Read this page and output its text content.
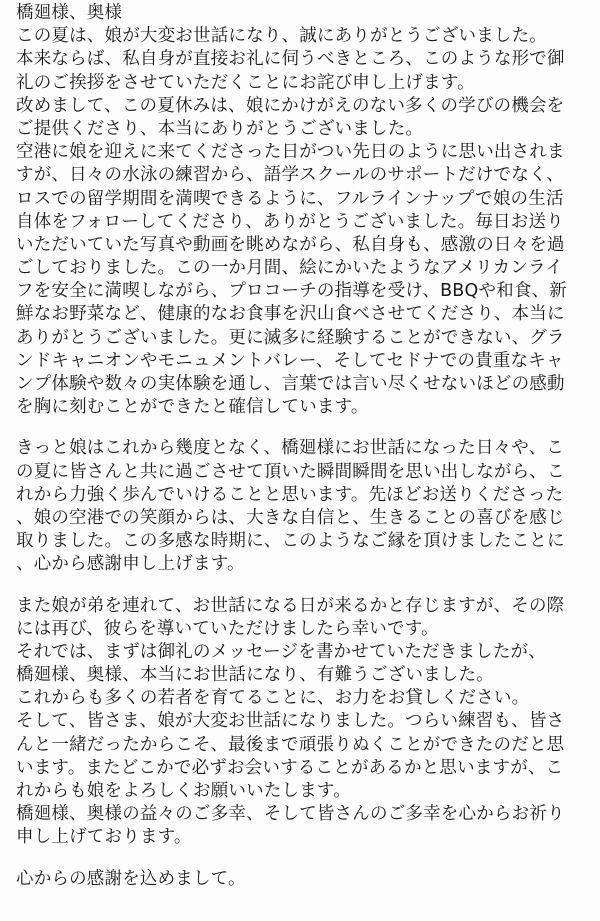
橋廻様、奥様
この夏は、娘が大変お世話になり、誠にありがとうございました。
本来ならば、私自身が直接お礼に伺うべきところ、このような形で御
礼のご挨拶をさせていただくことにお詫び申し上げます。
改めまして、この夏休みは、娘にかけがえのない多くの学びの機会を
ご提供くださり、本当にありがとうございました。
空港に娘を迎えに来てくださった日がつい先日のように思い出されま
すが、日々の水泳の練習から、語学スクールのサポートだけでなく、
ロスでの留学期間を満喫できるように、フルラインナップで娘の生活
自体をフォローしてくださり、ありがとうございました。毎日お送り
いただいていた写真や動画を眺めながら、私自身も、感激の日々を過
ごしておりました。この一か月間、絵にかいたようなアメリカンライ
フを安全に満喫しながら、プロコーチの指導を受け、BBQや和食、新
鮮なお野菜など、健康的なお食事を沢山食べさせてくださり、本当に
ありがとうございました。更に滅多に経験することができない、グラ
ンドキャニオンやモニュメントバレー、そしてセドナでの貴重なキャ
ンプ体験や数々の実体験を通し、言葉では言い尽くせないほどの感動
を胸に刻むことができたと確信しています。
きっと娘はこれから幾度となく、橋廻様にお世話になった日々や、こ
の夏に皆さんと共に過ごさせて頂いた瞬間瞬間を思い出しながら、こ
れから力強く歩んでいけることと思います。先ほどお送りくださった
、娘の空港での笑顔からは、大きな自信と、生きることの喜びを感じ
取りました。この多感な時期に、このようなご縁を頂けましたことに
、心から感謝申し上げます。
また娘が弟を連れて、お世話になる日が来るかと存じますが、その際
には再び、彼らを導いていただけましたら幸いです。
それでは、まずは御礼のメッセージを書かせていただきましたが、
橋廻様、奥様、本当にお世話になり、有難うございました。
これからも多くの若者を育てることに、お力をお貸しください。
そして、皆さま、娘が大変お世話になりました。つらい練習も、皆さ
んと一緒だったからこそ、最後まで頑張りぬくことができたのだと思
います。またどこかで必ずお会いすることがあるかと思いますが、こ
れからも娘をよろしくお願いいたします。
橋廻様、奥様の益々のご多幸、そして皆さんのご多幸を心からお祈り
申し上げております。
心からの感謝を込めまして。
